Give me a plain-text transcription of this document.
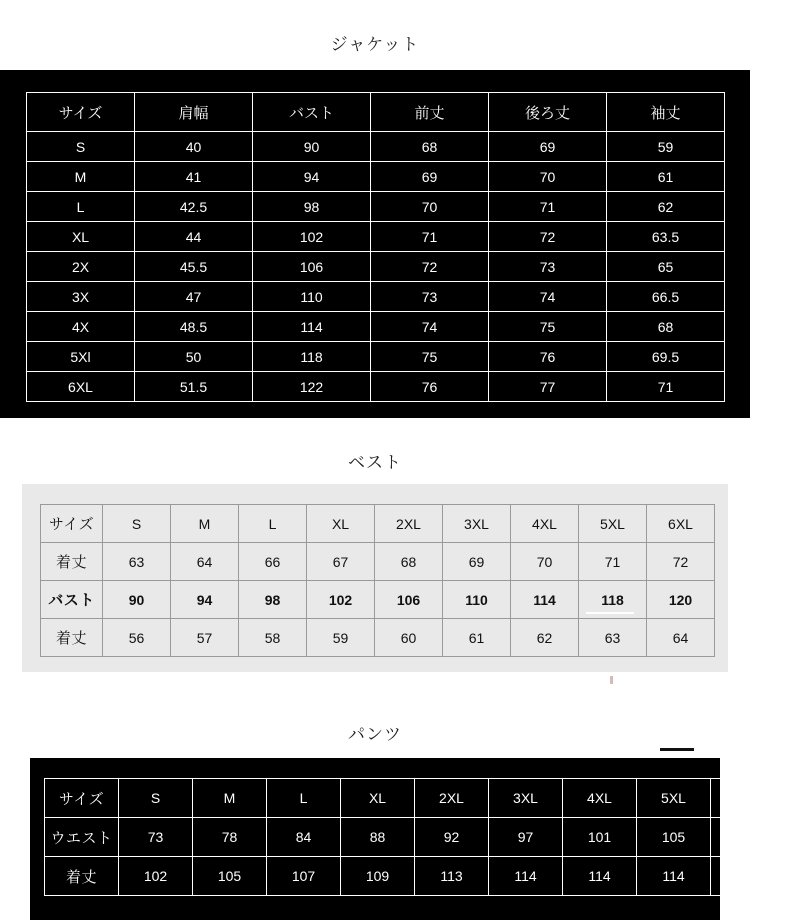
ジャケット
サイズ	肩幅	バスト	前丈	後ろ丈	袖丈
S	40	90	68	69	59
M	41	94	69	70	61
L	42.5	98	70	71	62
XL	44	102	71	72	63.5
2X	45.5	106	72	73	65
3X	47	110	73	74	66.5
4X	48.5	114	74	75	68
5Xl	50	118	75	76	69.5
6XL	51.5	122	76	77	71
ベスト
サイズ	S	M	L	XL	2XL	3XL	4XL	5XL	6XL
着丈	63	64	66	67	68	69	70	71	72
バスト	90	94	98	102	106	110	114	118	120
着丈	56	57	58	59	60	61	62	63	64
パンツ
サイズ	S	M	L	XL	2XL	3XL	4XL	5XL	6XL
ウエスト	73	78	84	88	92	97	101	105	109
着丈	102	105	107	109	113	114	114	114	115
